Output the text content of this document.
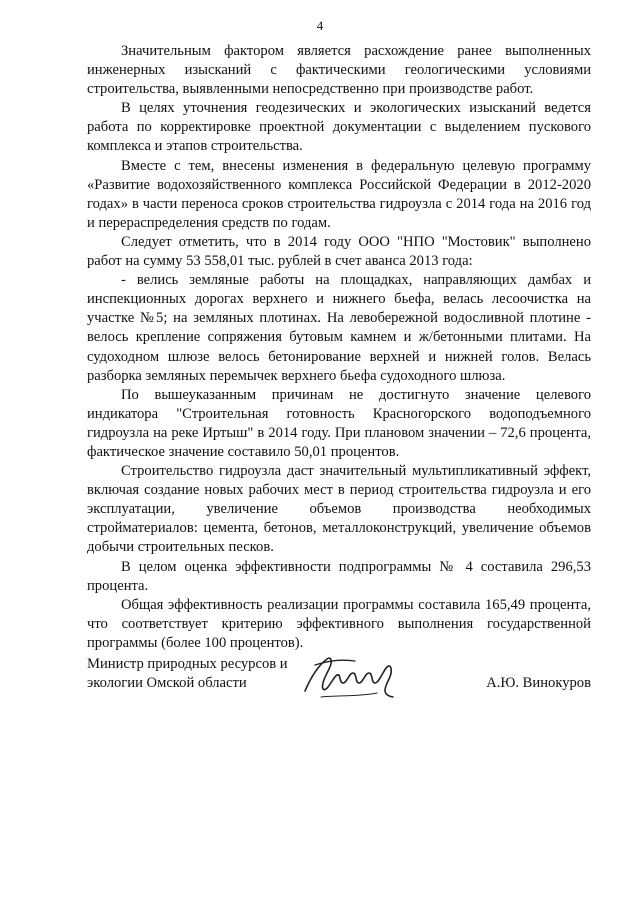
4

Значительным фактором является расхождение ранее выполненных инженерных изысканий с фактическими геологическими условиями строительства, выявленными непосредственно при производстве работ.

В целях уточнения геодезических и экологических изысканий ведется работа по корректировке проектной документации с выделением пускового комплекса и этапов строительства.

Вместе с тем, внесены изменения в федеральную целевую программу «Развитие водохозяйственного комплекса Российской Федерации в 2012-2020 годах» в части переноса сроков строительства гидроузла с 2014 года на 2016 год и перераспределения средств по годам.

Следует отметить, что в 2014 году ООО "НПО "Мостовик" выполнено работ на сумму 53 558,01 тыс. рублей в счет аванса 2013 года:

- велись земляные работы на площадках, направляющих дамбах и инспекционных дорогах верхнего и нижнего бьефа, велась лесоочистка на участке №5; на земляных плотинах. На левобережной водосливной плотине - велось крепление сопряжения бутовым камнем и ж/бетонными плитами. На судоходном шлюзе велось бетонирование верхней и нижней голов. Велась разборка земляных перемычек верхнего бьефа судоходного шлюза.

По вышеуказанным причинам не достигнуто значение целевого индикатора "Строительная готовность Красногорского водоподъемного гидроузла на реке Иртыш" в 2014 году. При плановом значении – 72,6 процента, фактическое значение составило 50,01 процентов.

Строительство гидроузла даст значительный мультипликативный эффект, включая создание новых рабочих мест в период строительства гидроузла и его эксплуатации, увеличение объемов производства необходимых стройматериалов: цемента, бетонов, металлоконструкций, увеличение объемов добычи строительных песков.

В целом оценка эффективности подпрограммы № 4 составила 296,53 процента.

Общая эффективность реализации программы составила 165,49 процента, что соответствует критерию эффективного выполнения государственной программы (более 100 процентов).

Министр природных ресурсов и
экологии Омской области	А.Ю. Винокуров
